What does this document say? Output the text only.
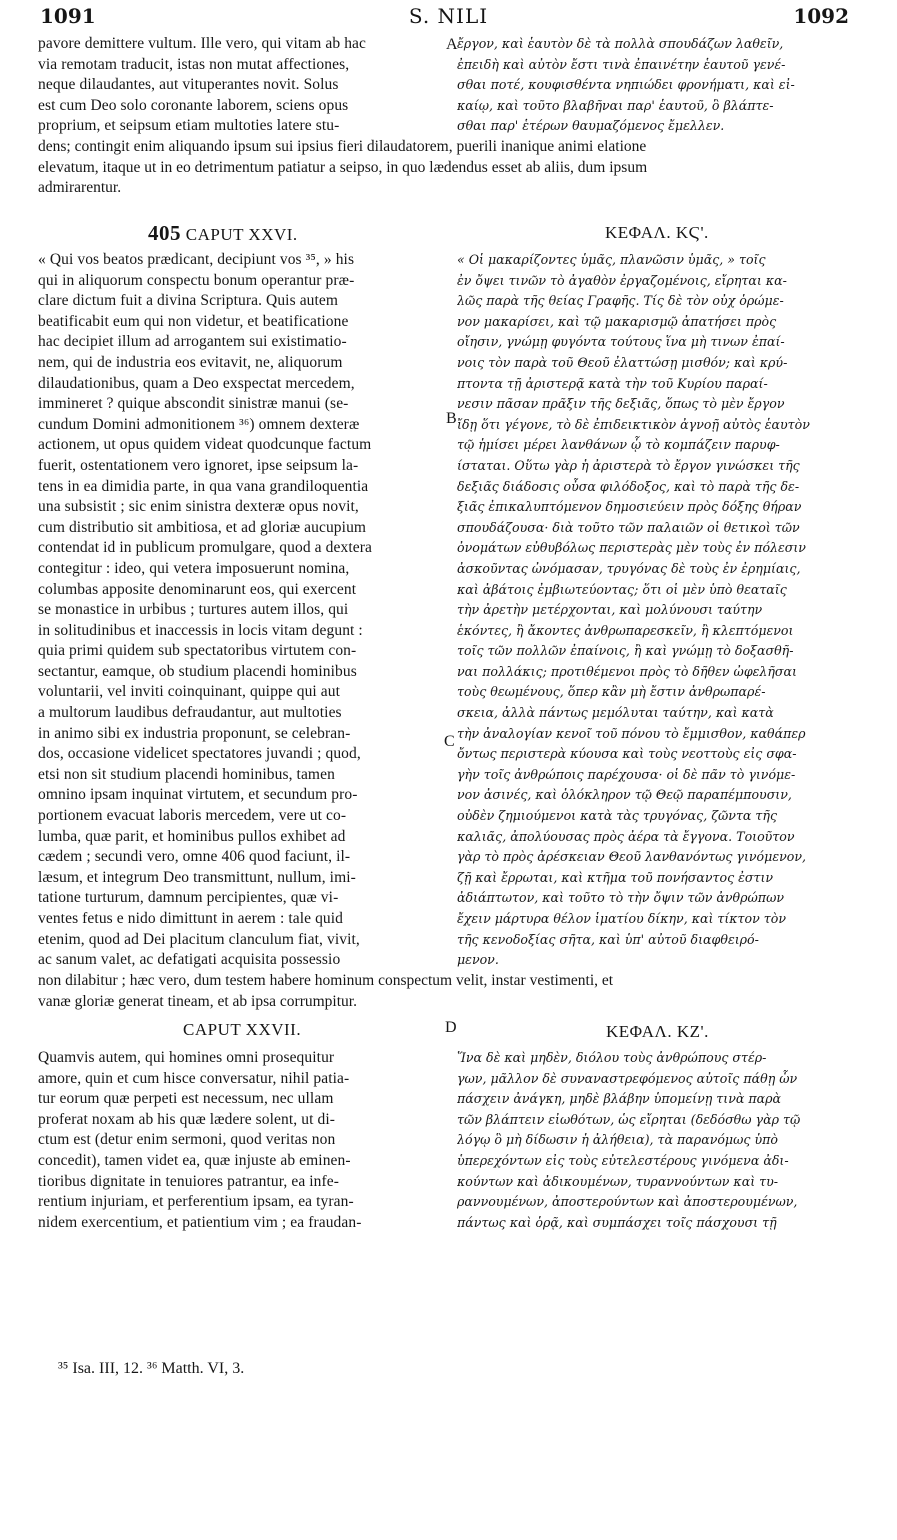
1091	S. NILI	1092
pavore demittere vultum. Ille vero, qui vitam ab hac
via remotam traducit, istas non mutat affectiones,
neque dilaudantes, aut vituperantes novit. Solus
est cum Deo solo coronante laborem, sciens opus
proprium, et seipsum etiam multoties latere stu-
ἔργον, καὶ ἑαυτὸν δὲ τὰ πολλὰ σπουδάζων λαθεῖν,
ἐπειδὴ καὶ αὐτὸν ἔστι τινὰ ἐπαινέτην ἑαυτοῦ γενέ-
σθαι ποτέ, κουφισθέντα νηπιώδει φρονήματι, καὶ εἰ-
καίῳ, καὶ τοῦτο βλαβῆναι παρ' ἑαυτοῦ, ὃ βλάπτε-
σθαι παρ' ἑτέρων θαυμαζόμενος ἔμελλεν.
A
dens; contingit enim aliquando ipsum sui ipsius fieri dilaudatorem, puerili inanique animi elatione
elevatum, itaque ut in eo detrimentum patiatur a seipso, in quo lædendus esset ab aliis, dum ipsum
admirarentur.
405 CAPUT XXVI.	ΚΕΦΑΛ. ΚϚ'.
« Qui vos beatos prædicant, decipiunt vos ³⁵, » his
qui in aliquorum conspectu bonum operantur præ-
clare dictum fuit a divina Scriptura. Quis autem
beatificabit eum qui non videtur, et beatificatione
hac decipiet illum ad arrogantem sui existimatio-
nem, qui de industria eos evitavit, ne, aliquorum
dilaudationibus, quam a Deo exspectat mercedem,
immineret ? quique abscondit sinistræ manui (se-
cundum Domini admonitionem ³⁶) omnem dexteræ
actionem, ut opus quidem videat quodcunque factum
fuerit, ostentationem vero ignoret, ipse seipsum la-
tens in ea dimidia parte, in qua vana grandiloquentia
una subsistit ; sic enim sinistra dexteræ opus novit,
cum distributio sit ambitiosa, et ad gloriæ aucupium
contendat id in publicum promulgare, quod a dextera
contegitur : ideo, qui vetera imposuerunt nomina,
columbas apposite denominarunt eos, qui exercent
se monastice in urbibus ; turtures autem illos, qui
in solitudinibus et inaccessis in locis vitam degunt :
quia primi quidem sub spectatoribus virtutem con-
sectantur, eamque, ob studium placendi hominibus
voluntarii, vel inviti coinquinant, quippe qui aut
a multorum laudibus defraudantur, aut multoties
in animo sibi ex industria proponunt, se celebran-
dos, occasione videlicet spectatores juvandi ; quod,
etsi non sit studium placendi hominibus, tamen
omnino ipsam inquinat virtutem, et secundum pro-
portionem evacuat laboris mercedem, vere ut co-
lumba, quæ parit, et hominibus pullos exhibet ad
cædem ; secundi vero, omne 406 quod faciunt, il-
læsum, et integrum Deo transmittunt, nullum, imi-
tatione turturum, damnum percipientes, quæ vi-
ventes fetus e nido dimittunt in aerem : tale quid
etenim, quod ad Dei placitum clanculum fiat, vivit,
ac sanum valet, ac defatigati acquisita possessio
« Οἱ μακαρίζοντες ὑμᾶς, πλανῶσιν ὑμᾶς, » τοῖς
ἐν ὄψει τινῶν τὸ ἀγαθὸν ἐργαζομένοις, εἴρηται κα-
λῶς παρὰ τῆς θείας Γραφῆς. Τίς δὲ τὸν οὐχ ὁρώμε-
νον μακαρίσει, καὶ τῷ μακαρισμῷ ἀπατήσει πρὸς
οἴησιν, γνώμῃ φυγόντα τούτους ἵνα μὴ τινων ἐπαί-
νοις τὸν παρὰ τοῦ Θεοῦ ἐλαττώσῃ μισθόν; καὶ κρύ-
πτοντα τῇ ἀριστερᾷ κατὰ τὴν τοῦ Κυρίου παραί-
νεσιν πᾶσαν πρᾶξιν τῆς δεξιᾶς, ὅπως τὸ μὲν ἔργον
ἴδῃ ὅτι γέγονε, τὸ δὲ ἐπιδεικτικὸν ἀγνοῇ αὐτὸς ἑαυτὸν
τῷ ἡμίσει μέρει λανθάνων ᾧ τὸ κομπάζειν παρυφ-
ίσταται. Οὕτω γὰρ ἡ ἀριστερὰ τὸ ἔργον γινώσκει τῆς
δεξιᾶς διάδοσις οὖσα φιλόδοξος, καὶ τὸ παρὰ τῆς δε-
ξιᾶς ἐπικαλυπτόμενον δημοσιεύειν πρὸς δόξης θήραν
σπουδάζουσα· διὰ τοῦτο τῶν παλαιῶν οἱ θετικοὶ τῶν
ὀνομάτων εὐθυβόλως περιστερὰς μὲν τοὺς ἐν πόλεσιν
ἀσκοῦντας ὠνόμασαν, τρυγόνας δὲ τοὺς ἐν ἐρημίαις,
καὶ ἀβάτοις ἐμβιωτεύοντας; ὅτι οἱ μὲν ὑπὸ θεαταῖς
τὴν ἀρετὴν μετέρχονται, καὶ μολύνουσι ταύτην
ἑκόντες, ἢ ἄκοντες ἀνθρωπαρεσκεῖν, ἢ κλεπτόμενοι
τοῖς τῶν πολλῶν ἐπαίνοις, ἢ καὶ γνώμῃ τὸ δοξασθῆ-
ναι πολλάκις; προτιθέμενοι πρὸς τὸ δῆθεν ὠφελῆσαι
τοὺς θεωμένους, ὅπερ κἂν μὴ ἔστιν ἀνθρωπαρέ-
σκεια, ἀλλὰ πάντως μεμόλυται ταύτην, καὶ κατὰ
τὴν ἀναλογίαν κενοῖ τοῦ πόνου τὸ ἔμμισθον, καθάπερ
ὄντως περιστερὰ κύουσα καὶ τοὺς νεοττοὺς εἰς σφα-
γὴν τοῖς ἀνθρώποις παρέχουσα· οἱ δὲ πᾶν τὸ γινόμε-
νον ἀσινές, καὶ ὁλόκληρον τῷ Θεῷ παραπέμπουσιν,
οὐδὲν ζημιούμενοι κατὰ τὰς τρυγόνας, ζῶντα τῆς
καλιᾶς, ἀπολύουσας πρὸς ἀέρα τὰ ἔγγονα. Τοιοῦτον
γὰρ τὸ πρὸς ἀρέσκειαν Θεοῦ λανθανόντως γινόμενον,
ζῇ καὶ ἔρρωται, καὶ κτῆμα τοῦ πονήσαντος ἐστιν
ἀδιάπτωτον, καὶ τοῦτο τὸ τὴν ὄψιν τῶν ἀνθρώπων
ἔχειν μάρτυρα θέλον ἱματίου δίκην, καὶ τίκτον τὸν
τῆς κενοδοξίας σῆτα, καὶ ὑπ' αὐτοῦ διαφθειρό-
μενον.
B
C
non dilabitur ; hæc vero, dum testem habere hominum conspectum velit, instar vestimenti, et
vanæ gloriæ generat tineam, et ab ipsa corrumpitur.
CAPUT XXVII.	D	ΚΕΦΑΛ. ΚΖ'.
Quamvis autem, qui homines omni prosequitur
amore, quin et cum hisce conversatur, nihil patia-
tur eorum quæ perpeti est necessum, nec ullam
proferat noxam ab his quæ lædere solent, ut di-
ctum est (detur enim sermoni, quod veritas non
concedit), tamen videt ea, quæ injuste ab eminen-
tioribus dignitate in tenuiores patrantur, ea infe-
rentium injuriam, et perferentium ipsam, ea tyran-
nidem exercentium, et patientium vim ; ea fraudan-
Ἵνα δὲ καὶ μηδὲν, διόλου τοὺς ἀνθρώπους στέρ-
γων, μᾶλλον δὲ συναναστρεφόμενος αὐτοῖς πάθῃ ὧν
πάσχειν ἀνάγκη, μηδὲ βλάβην ὑπομείνῃ τινὰ παρὰ
τῶν βλάπτειν εἰωθότων, ὡς εἴρηται (δεδόσθω γὰρ τῷ
λόγῳ ὃ μὴ δίδωσιν ἡ ἀλήθεια), τὰ παρανόμως ὑπὸ
ὑπερεχόντων εἰς τοὺς εὐτελεστέρους γινόμενα ἀδι-
κούντων καὶ ἀδικουμένων, τυραννούντων καὶ τυ-
ραννουμένων, ἀποστερούντων καὶ ἀποστερουμένων,
πάντως καὶ ὁρᾷ, καὶ συμπάσχει τοῖς πάσχουσι τῇ
³⁵ Isa. III, 12. ³⁶ Matth. VI, 3.
